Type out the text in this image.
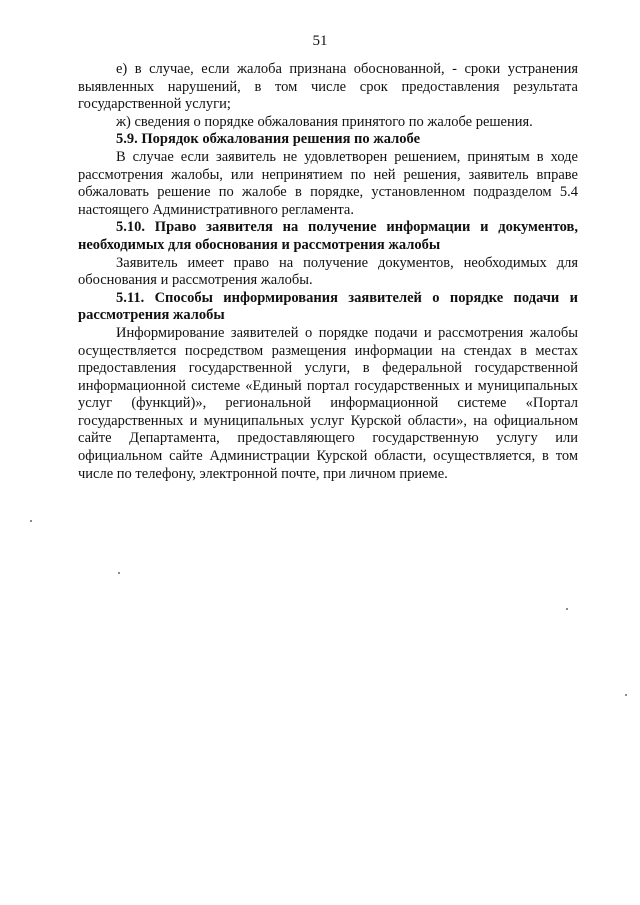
51

е) в случае, если жалоба признана обоснованной, - сроки устранения выявленных нарушений, в том числе срок предоставления результата государственной услуги;

ж) сведения о порядке обжалования принятого по жалобе решения.

5.9. Порядок обжалования решения по жалобе

В случае если заявитель не удовлетворен решением, принятым в ходе рассмотрения жалобы, или непринятием по ней решения, заявитель вправе обжаловать решение по жалобе в порядке, установленном подразделом 5.4 настоящего Административного регламента.

5.10. Право заявителя на получение информации и документов, необходимых для обоснования и рассмотрения жалобы

Заявитель имеет право на получение документов, необходимых для обоснования и рассмотрения жалобы.

5.11. Способы информирования заявителей о порядке подачи и рассмотрения жалобы

Информирование заявителей о порядке подачи и рассмотрения жалобы осуществляется посредством размещения информации на стендах в местах предоставления государственной услуги, в федеральной государственной информационной системе «Единый портал государственных и муниципальных услуг (функций)», региональной информационной системе «Портал государственных и муниципальных услуг Курской области», на официальном сайте Департамента, предоставляющего государственную услугу или официальном сайте Администрации Курской области, осуществляется, в том числе по телефону, электронной почте, при личном приеме.
